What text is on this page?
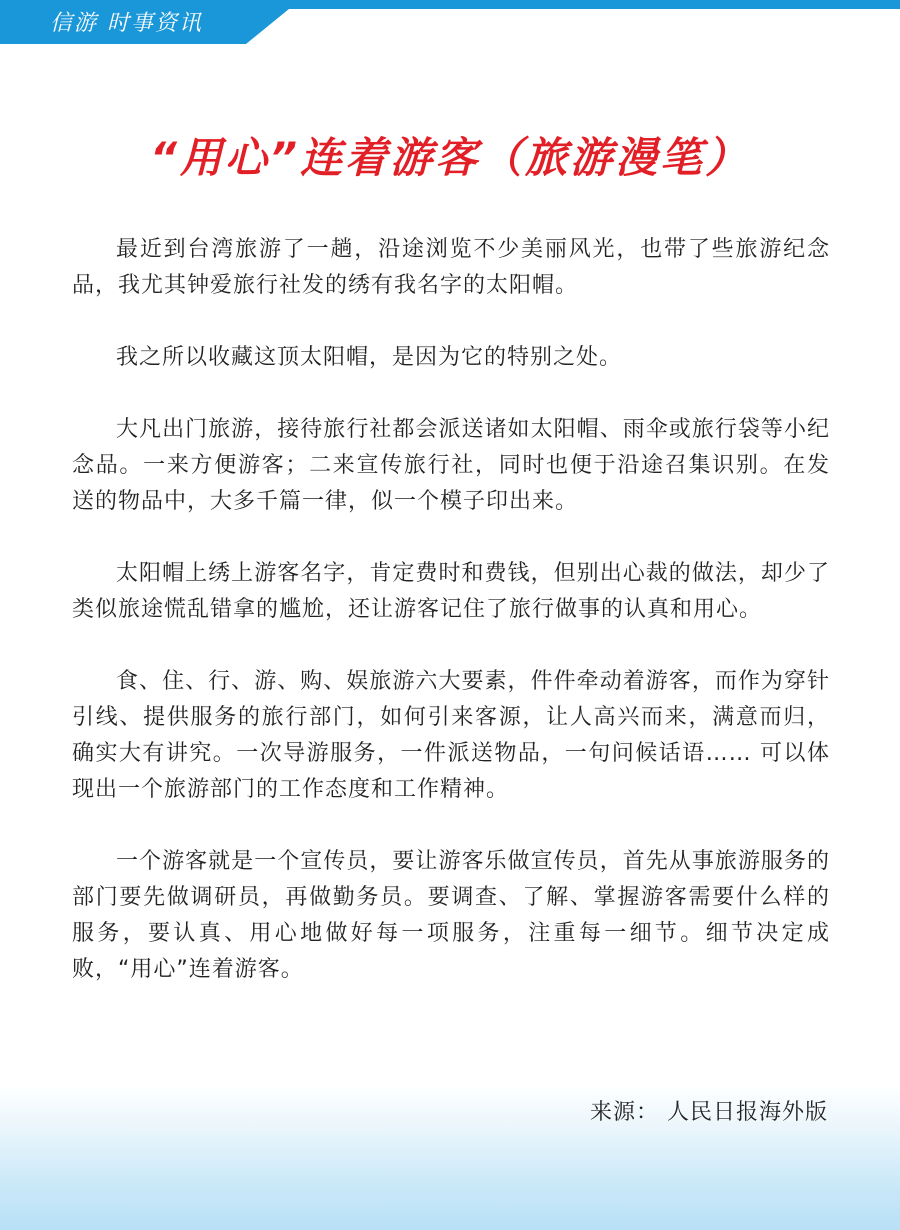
信游 时事资讯
“用心”连着游客（旅游漫笔）

最近到台湾旅游了一趟，沿途浏览不少美丽风光，也带了些旅游纪念品，我尤其钟爱旅行社发的绣有我名字的太阳帽。

我之所以收藏这顶太阳帽，是因为它的特别之处。

大凡出门旅游，接待旅行社都会派送诸如太阳帽、雨伞或旅行袋等小纪念品。一来方便游客；二来宣传旅行社，同时也便于沿途召集识别。在发送的物品中，大多千篇一律，似一个模子印出来。

太阳帽上绣上游客名字，肯定费时和费钱，但别出心裁的做法，却少了类似旅途慌乱错拿的尴尬，还让游客记住了旅行做事的认真和用心。

食、住、行、游、购、娱旅游六大要素，件件牵动着游客，而作为穿针引线、提供服务的旅行部门，如何引来客源，让人高兴而来，满意而归，确实大有讲究。一次导游服务，一件派送物品，一句问候话语…… 可以体现出一个旅游部门的工作态度和工作精神。

一个游客就是一个宣传员，要让游客乐做宣传员，首先从事旅游服务的部门要先做调研员，再做勤务员。要调查、了解、掌握游客需要什么样的服务，要认真、用心地做好每一项服务，注重每一细节。细节决定成败，“用心”连着游客。

来源： 人民日报海外版
